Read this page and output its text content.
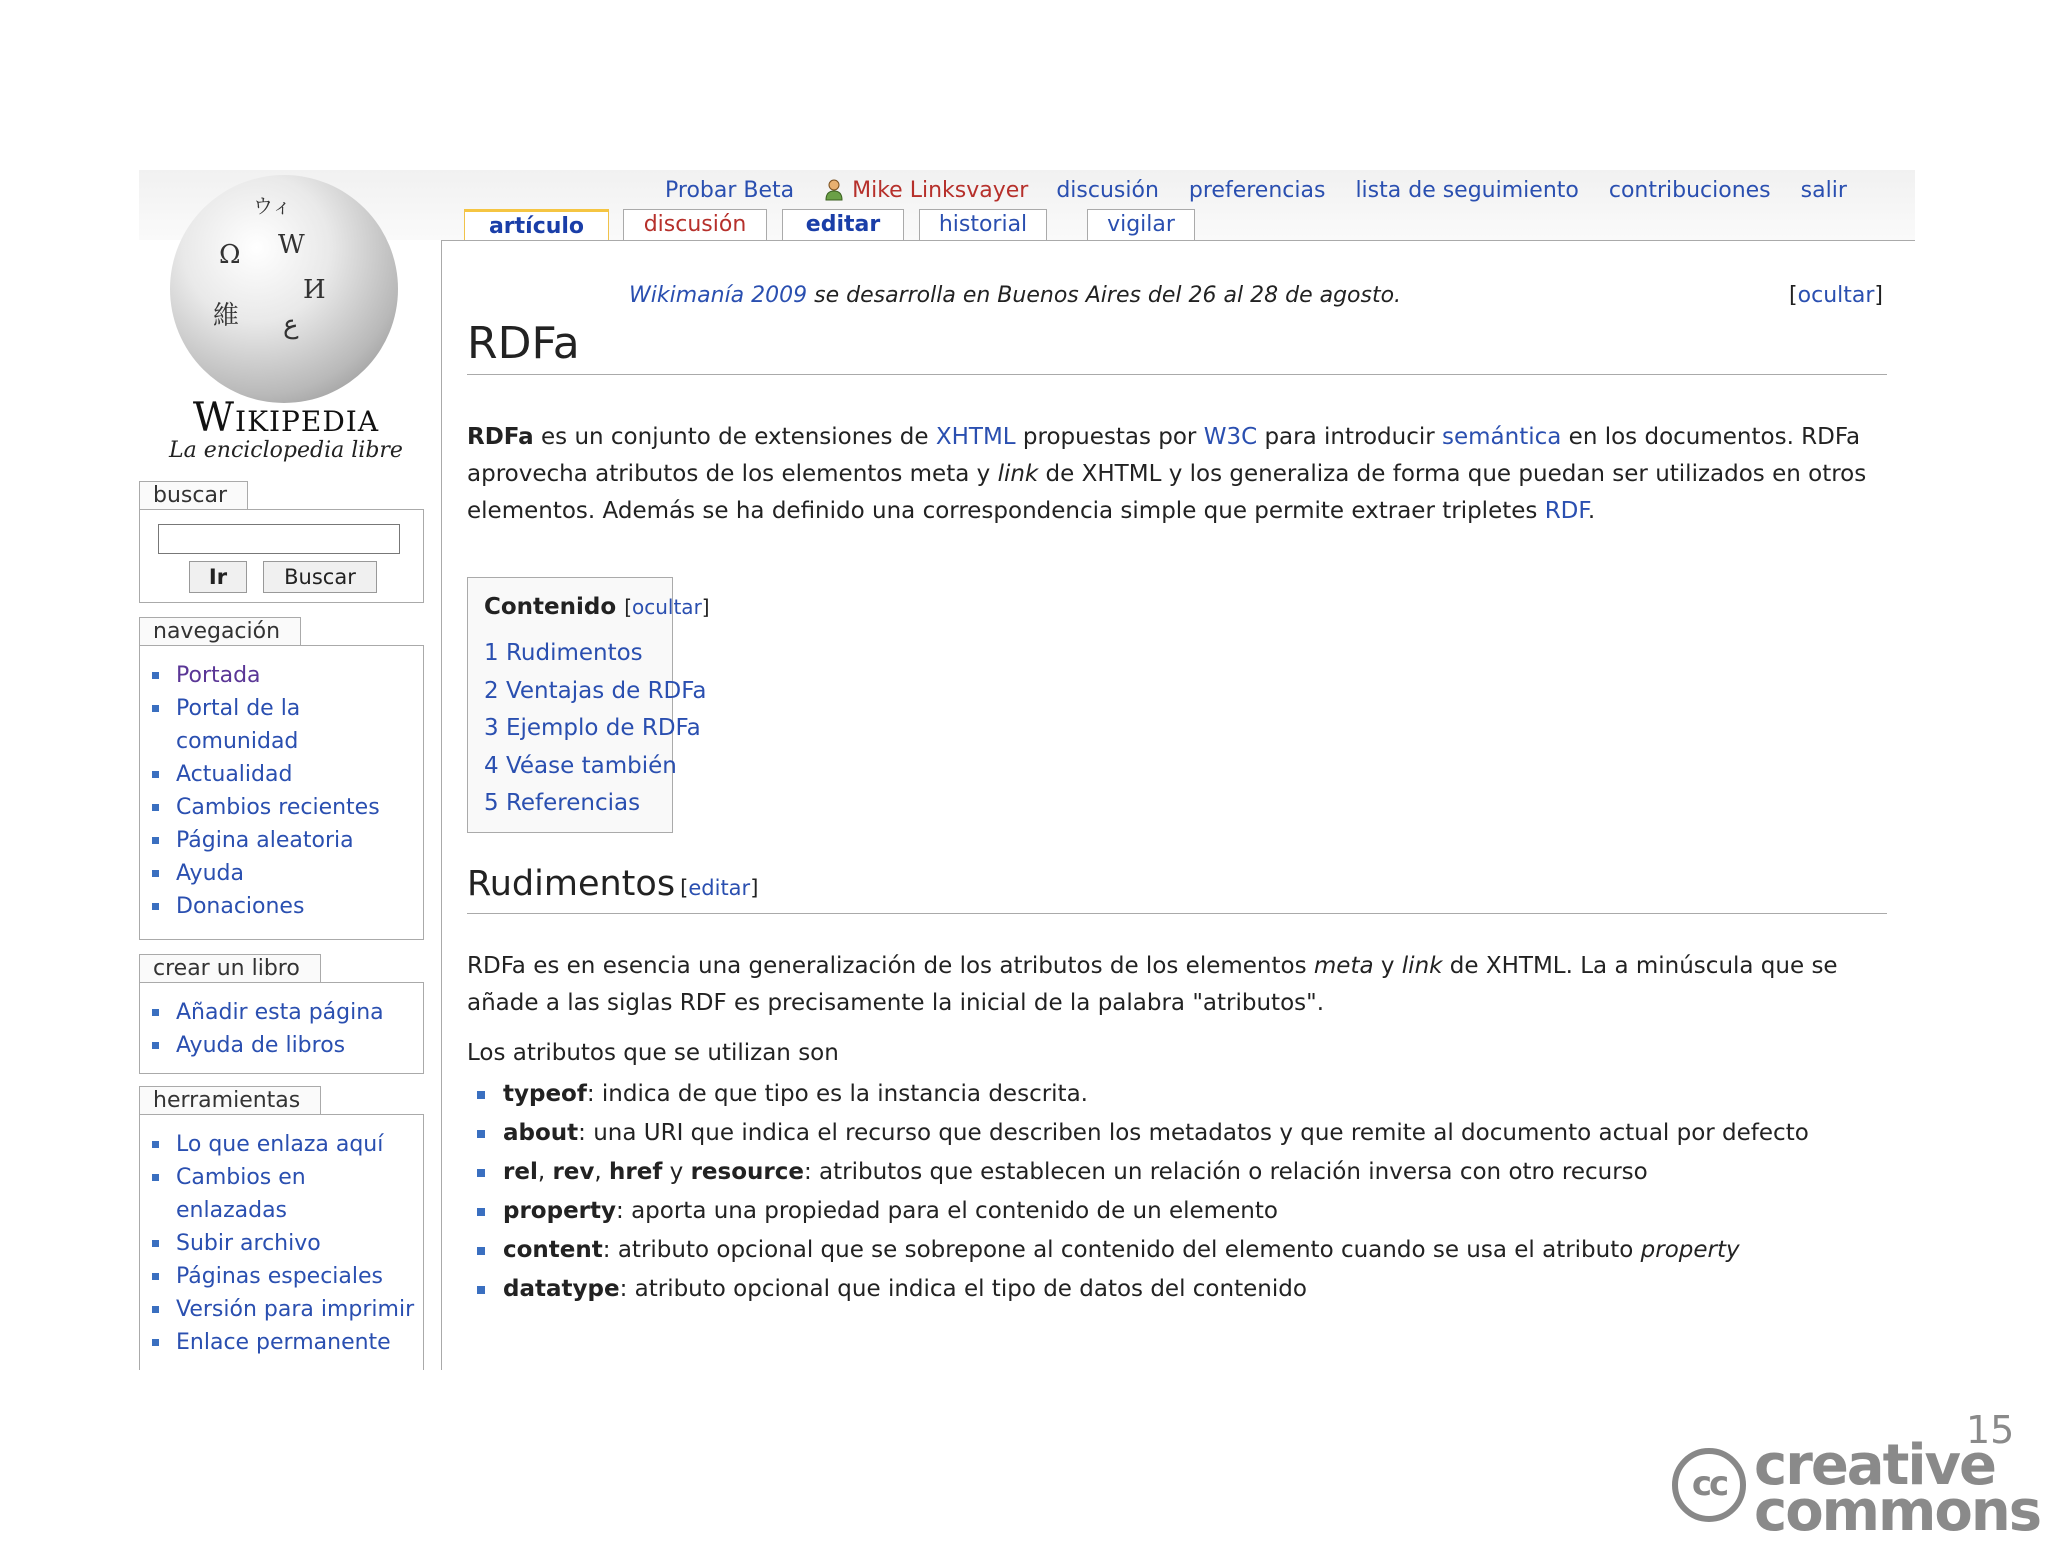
Ω W
И
維
ウィ
ع
Wikipedia
La enciclopedia libre
Probar Beta	Mike Linksvayer discusión preferencias lista de seguimiento contribuciones salir
artículo	discusión	editar	historial	vigilar
buscar
Ir	Buscar
navegación
Portada
Portal de la comunidad
Actualidad
Cambios recientes
Página aleatoria
Ayuda
Donaciones
crear un libro
Añadir esta página
Ayuda de libros
herramientas
Lo que enlaza aquí
Cambios en enlazadas
Subir archivo
Páginas especiales
Versión para imprimir
Enlace permanente
Wikimanía 2009 se desarrolla en Buenos Aires del 26 al 28 de agosto.	[ocultar]
RDFa
RDFa es un conjunto de extensiones de XHTML propuestas por W3C para introducir semántica en los documentos. RDFa aprovecha atributos de los elementos meta y link de XHTML y los generaliza de forma que puedan ser utilizados en otros elementos. Además se ha definido una correspondencia simple que permite extraer tripletes RDF.
Contenido [ocultar]
1 Rudimentos
2 Ventajas de RDFa
3 Ejemplo de RDFa
4 Véase también
5 Referencias
Rudimentos [editar]
RDFa es en esencia una generalización de los atributos de los elementos meta y link de XHTML. La a minúscula que se añade a las siglas RDF es precisamente la inicial de la palabra "atributos".
Los atributos que se utilizan son
typeof: indica de que tipo es la instancia descrita.
about: una URI que indica el recurso que describen los metadatos y que remite al documento actual por defecto
rel, rev, href y resource: atributos que establecen un relación o relación inversa con otro recurso
property: aporta una propiedad para el contenido de un elemento
content: atributo opcional que se sobrepone al contenido del elemento cuando se usa el atributo property
datatype: atributo opcional que indica el tipo de datos del contenido
15
cc creative
commons
